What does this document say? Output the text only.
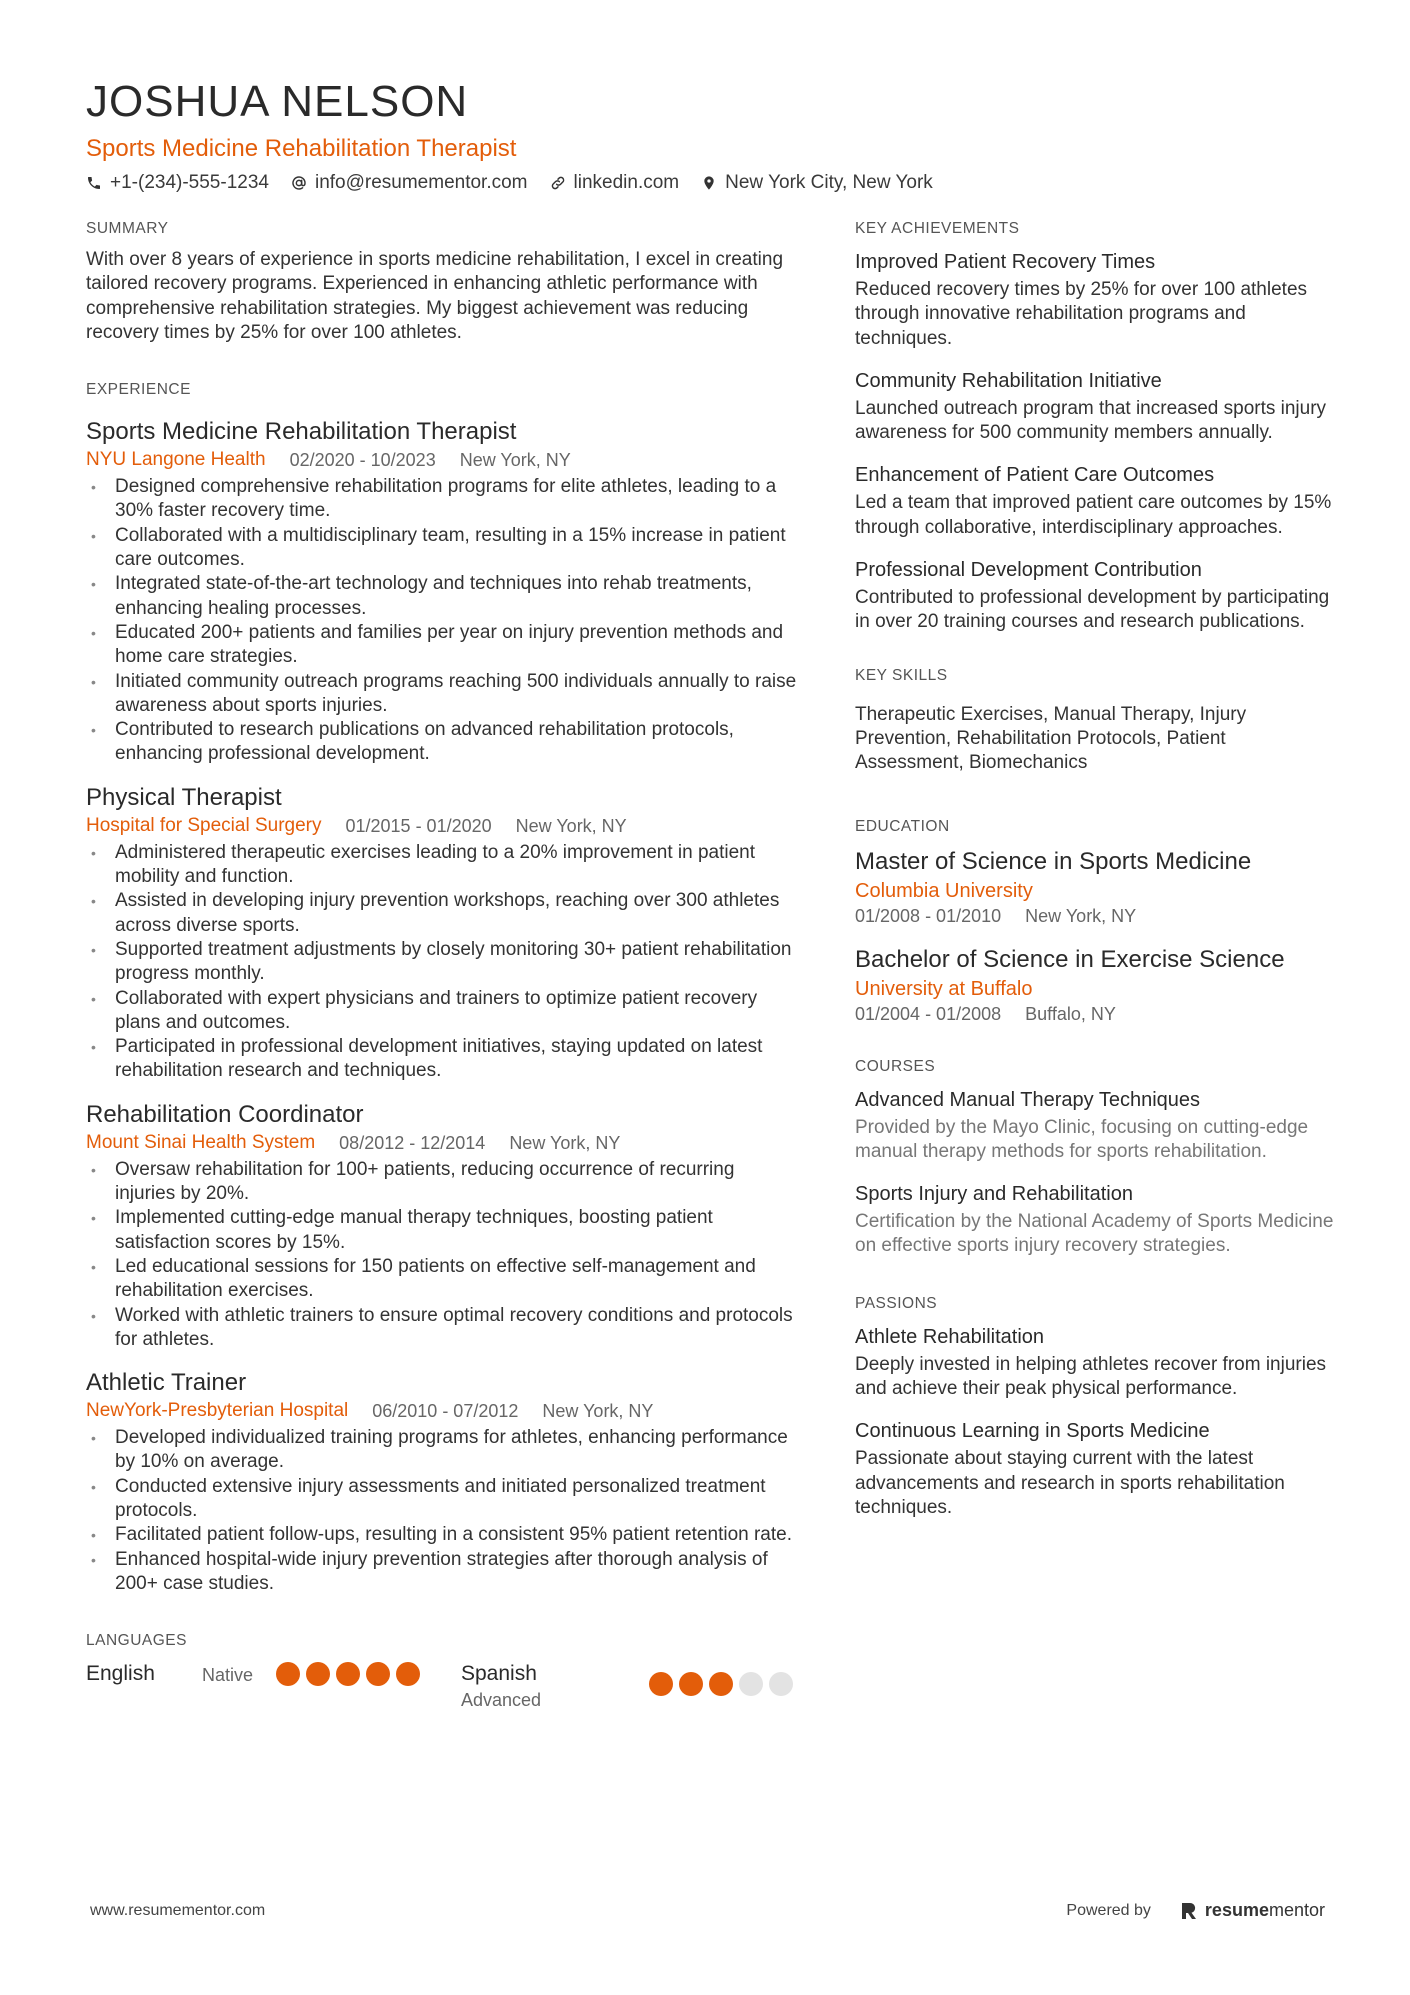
JOSHUA NELSON
Sports Medicine Rehabilitation Therapist
+1-(234)-555-1234 info@resumementor.com linkedin.com New York City, New York
SUMMARY
With over 8 years of experience in sports medicine rehabilitation, I excel in creating tailored recovery programs. Experienced in enhancing athletic performance with comprehensive rehabilitation strategies. My biggest achievement was reducing recovery times by 25% for over 100 athletes.
EXPERIENCE
Sports Medicine Rehabilitation Therapist
NYU Langone Health 02/2020 - 10/2023 New York, NY
• Designed comprehensive rehabilitation programs for elite athletes, leading to a 30% faster recovery time.
• Collaborated with a multidisciplinary team, resulting in a 15% increase in patient care outcomes.
• Integrated state-of-the-art technology and techniques into rehab treatments, enhancing healing processes.
• Educated 200+ patients and families per year on injury prevention methods and home care strategies.
• Initiated community outreach programs reaching 500 individuals annually to raise awareness about sports injuries.
• Contributed to research publications on advanced rehabilitation protocols, enhancing professional development.
Physical Therapist
Hospital for Special Surgery 01/2015 - 01/2020 New York, NY
• Administered therapeutic exercises leading to a 20% improvement in patient mobility and function.
• Assisted in developing injury prevention workshops, reaching over 300 athletes across diverse sports.
• Supported treatment adjustments by closely monitoring 30+ patient rehabilitation progress monthly.
• Collaborated with expert physicians and trainers to optimize patient recovery plans and outcomes.
• Participated in professional development initiatives, staying updated on latest rehabilitation research and techniques.
Rehabilitation Coordinator
Mount Sinai Health System 08/2012 - 12/2014 New York, NY
• Oversaw rehabilitation for 100+ patients, reducing occurrence of recurring injuries by 20%.
• Implemented cutting-edge manual therapy techniques, boosting patient satisfaction scores by 15%.
• Led educational sessions for 150 patients on effective self-management and rehabilitation exercises.
• Worked with athletic trainers to ensure optimal recovery conditions and protocols for athletes.
Athletic Trainer
NewYork-Presbyterian Hospital 06/2010 - 07/2012 New York, NY
• Developed individualized training programs for athletes, enhancing performance by 10% on average.
• Conducted extensive injury assessments and initiated personalized treatment protocols.
• Facilitated patient follow-ups, resulting in a consistent 95% patient retention rate.
• Enhanced hospital-wide injury prevention strategies after thorough analysis of 200+ case studies.
LANGUAGES
English	Native	Spanish
Advanced
KEY ACHIEVEMENTS
Improved Patient Recovery Times
Reduced recovery times by 25% for over 100 athletes through innovative rehabilitation programs and techniques.
Community Rehabilitation Initiative
Launched outreach program that increased sports injury awareness for 500 community members annually.
Enhancement of Patient Care Outcomes
Led a team that improved patient care outcomes by 15% through collaborative, interdisciplinary approaches.
Professional Development Contribution
Contributed to professional development by participating in over 20 training courses and research publications.
KEY SKILLS
Therapeutic Exercises, Manual Therapy, Injury Prevention, Rehabilitation Protocols, Patient Assessment, Biomechanics
EDUCATION
Master of Science in Sports Medicine
Columbia University
01/2008 - 01/2010 New York, NY
Bachelor of Science in Exercise Science
University at Buffalo
01/2004 - 01/2008 Buffalo, NY
COURSES
Advanced Manual Therapy Techniques
Provided by the Mayo Clinic, focusing on cutting-edge manual therapy methods for sports rehabilitation.
Sports Injury and Rehabilitation
Certification by the National Academy of Sports Medicine on effective sports injury recovery strategies.
PASSIONS
Athlete Rehabilitation
Deeply invested in helping athletes recover from injuries and achieve their peak physical performance.
Continuous Learning in Sports Medicine
Passionate about staying current with the latest advancements and research in sports rehabilitation techniques.
www.resumementor.com	Powered by	resumementor
